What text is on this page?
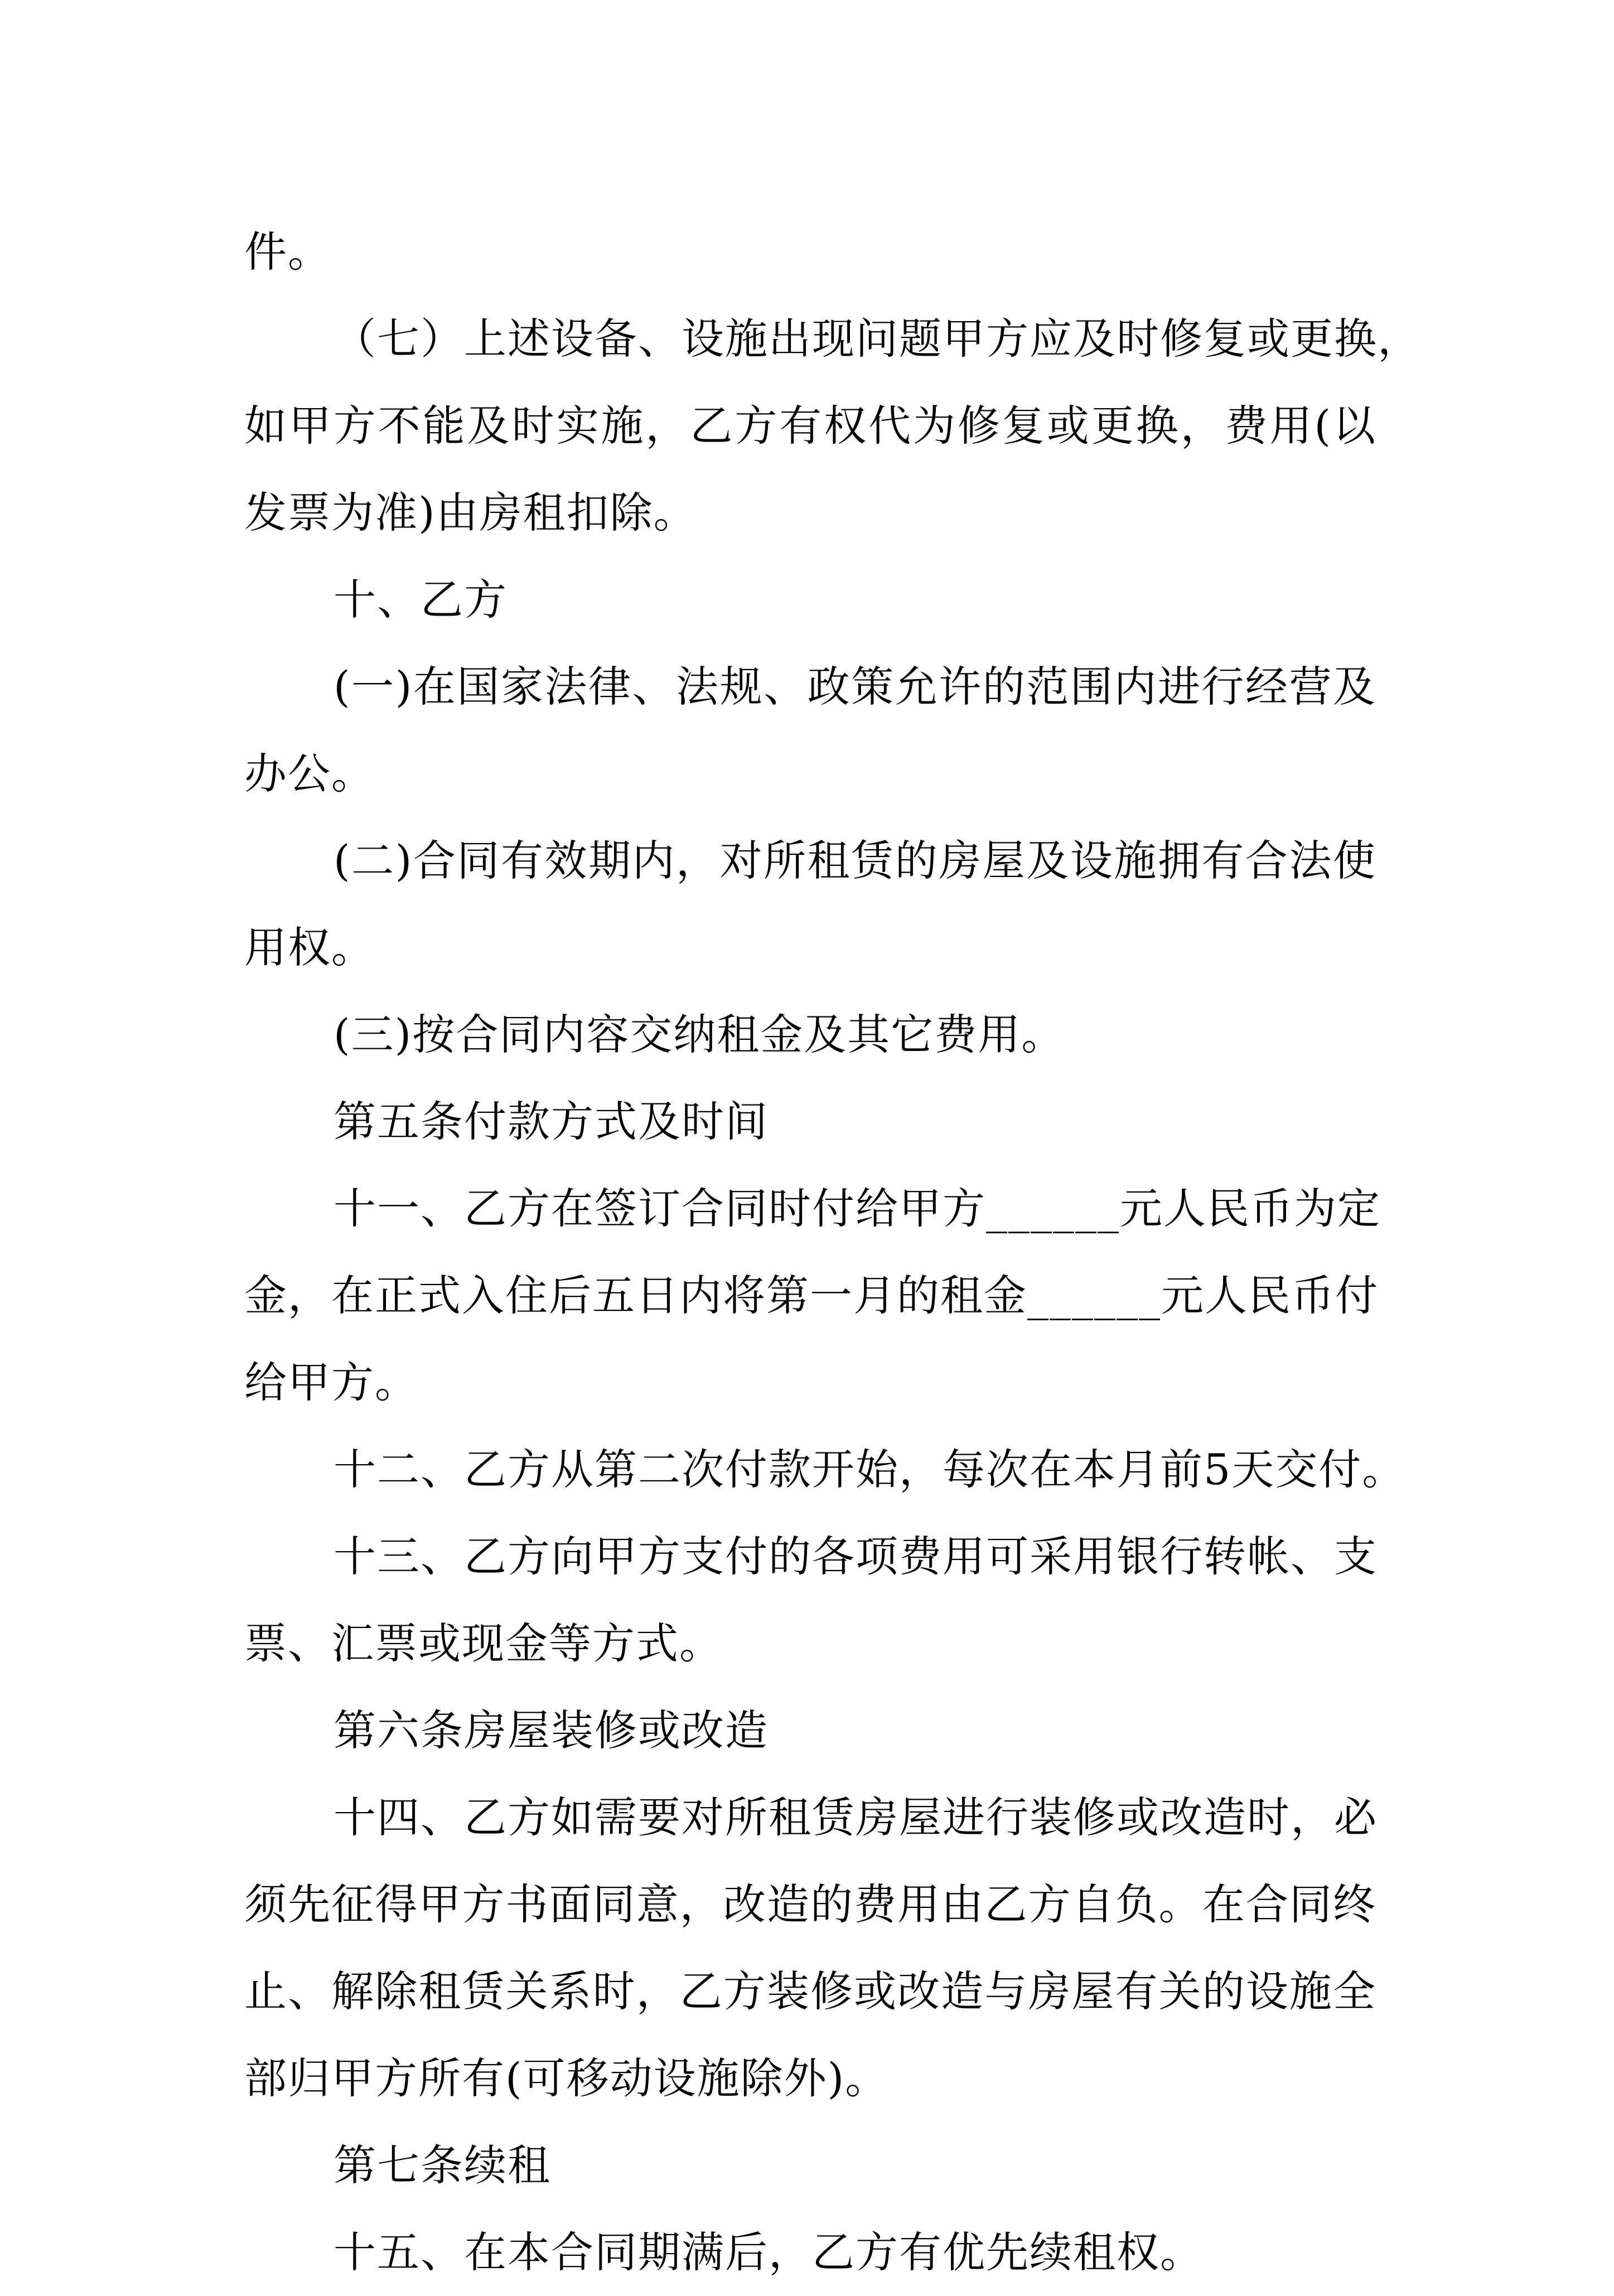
件。
（七）上述设备、设施出现问题甲方应及时修复或更换，
如甲方不能及时实施，乙方有权代为修复或更换，费用(以
发票为准)由房租扣除。
十、乙方
(一)在国家法律、法规、政策允许的范围内进行经营及
办公。
(二)合同有效期内，对所租赁的房屋及设施拥有合法使
用权。
(三)按合同内容交纳租金及其它费用。
第五条付款方式及时间
十一、乙方在签订合同时付给甲方______元人民币为定
金，在正式入住后五日内将第一月的租金______元人民币付
给甲方。
十二、乙方从第二次付款开始，每次在本月前5天交付。
十三、乙方向甲方支付的各项费用可采用银行转帐、支
票、汇票或现金等方式。
第六条房屋装修或改造
十四、乙方如需要对所租赁房屋进行装修或改造时，必
须先征得甲方书面同意，改造的费用由乙方自负。在合同终
止、解除租赁关系时，乙方装修或改造与房屋有关的设施全
部归甲方所有(可移动设施除外)。
第七条续租
十五、在本合同期满后，乙方有优先续租权。
